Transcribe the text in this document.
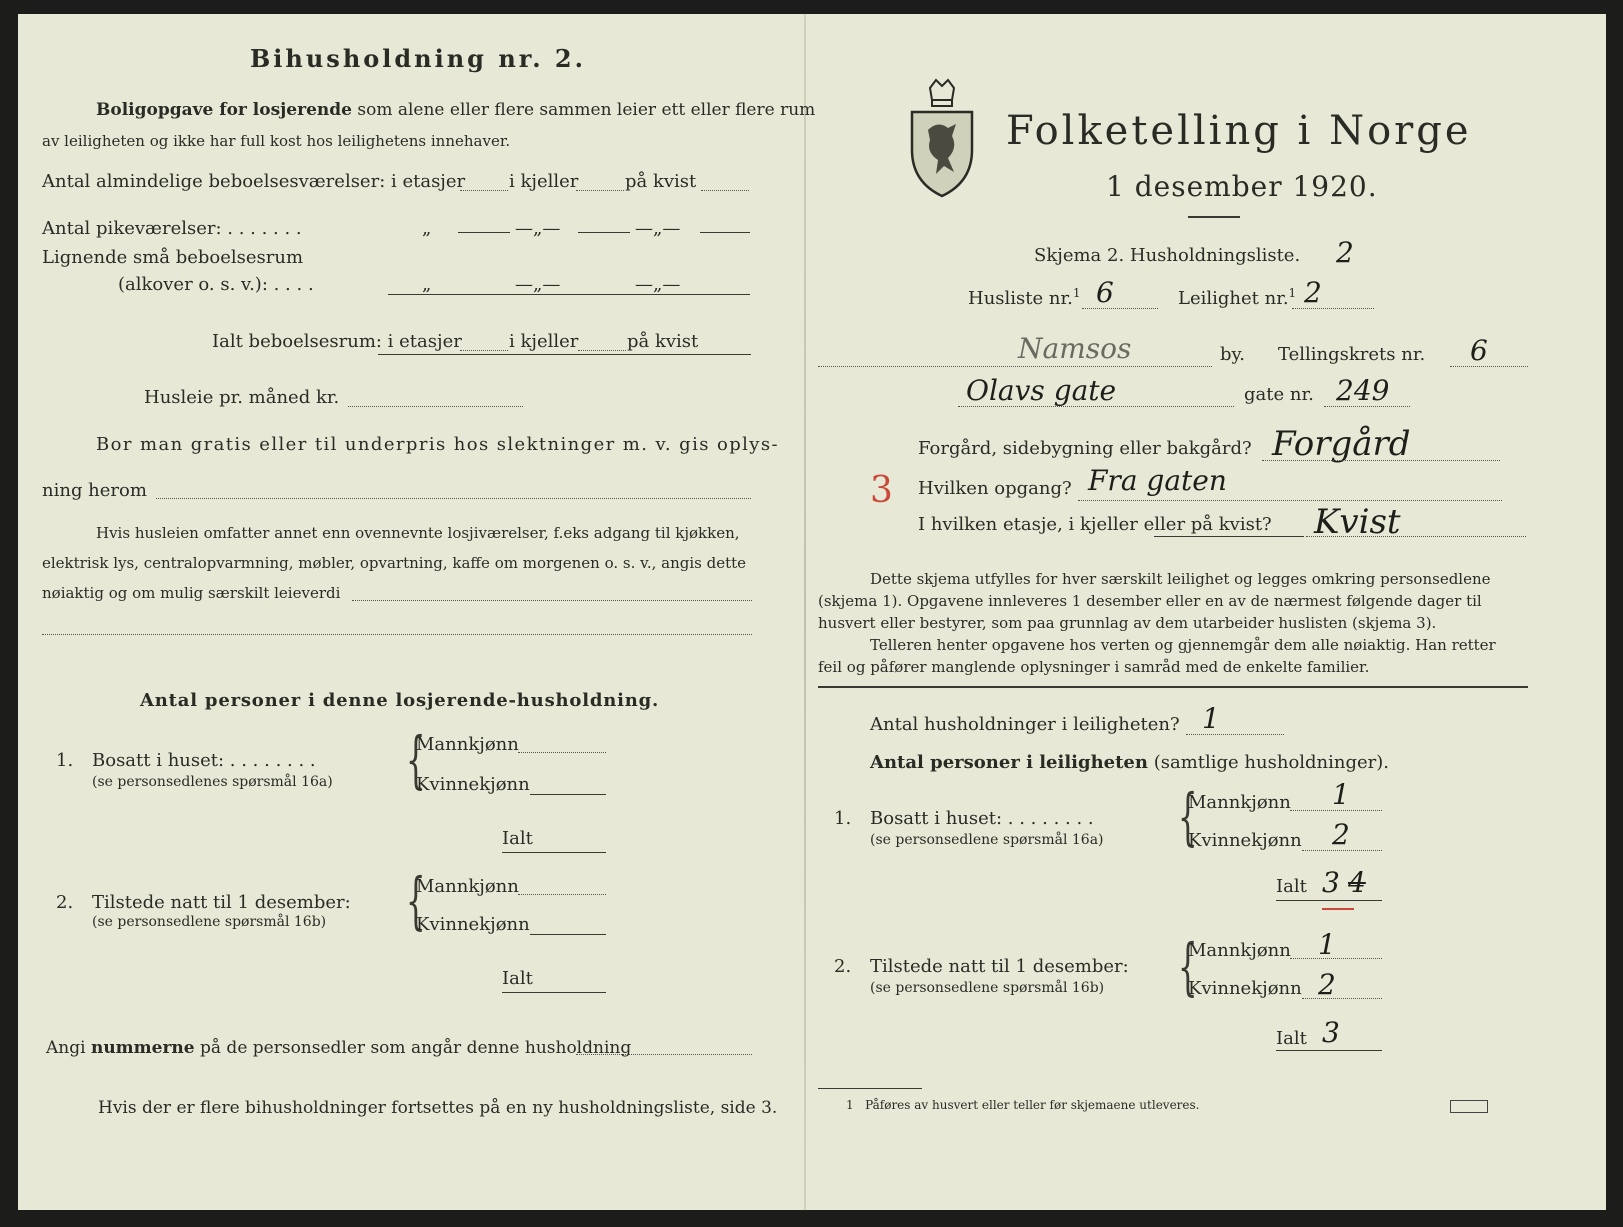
Bihusholdning nr. 2.
Boligopgave for losjerende som alene eller flere sammen leier ett eller flere rum
av leiligheten og ikke har full kost hos leilighetens innehaver.
Antal almindelige beboelsesværelser: i etasjer i kjeller	på kvist
Antal pikeværelser: . . . . . . .	„	—„—	—„—
Lignende små beboelsesrum
(alkover o. s. v.): . . . .	„	—„—	—„—
Ialt beboelsesrum: i etasjer	i kjeller	på kvist
Husleie pr. måned kr.
Bor man gratis eller til underpris hos slektninger m. v. gis oplys-
ning herom
Hvis husleien omfatter annet enn ovennevnte losjiværelser, f.eks adgang til kjøkken,
elektrisk lys, centralopvarmning, møbler, opvartning, kaffe om morgenen o. s. v., angis dette
nøiaktig og om mulig særskilt leieverdi
Antal personer i denne losjerende-husholdning.
1. Bosatt i huset: . . . . . . . .
(se personsedlenes spørsmål 16a) {
Mannkjønn
Kvinnekjønn
Ialt
2. Tilstede natt til 1 desember:
(se personsedlene spørsmål 16b) {
Mannkjønn
Kvinnekjønn
Ialt
Angi nummerne på de personsedler som angår denne husholdning
Hvis der er flere bihusholdninger fortsettes på en ny husholdningsliste, side 3.
Folketelling i Norge
1 desember 1920.
Skjema 2. Husholdningsliste. 2
Husliste nr.$^1$ 6	Leilighet nr.$^1$ 2
Namsos	by. Tellingskrets nr. 6
Olavs gate	gate nr. 249
Forgård, sidebygning eller bakgård? Forgård
3 Hvilken opgang? Fra gaten
I hvilken etasje, i kjeller eller på kvist? Kvist
Dette skjema utfylles for hver særskilt leilighet og legges omkring personsedlene
(skjema 1). Opgavene innleveres 1 desember eller en av de nærmest følgende dager til
husvert eller bestyrer, som paa grunnlag av dem utarbeider huslisten (skjema 3).
Telleren henter opgavene hos verten og gjennemgår dem alle nøiaktig. Han retter
feil og påfører manglende oplysninger i samråd med de enkelte familier.
Antal husholdninger i leiligheten? 1
Antal personer i leiligheten (samtlige husholdninger).
1. Bosatt i huset: . . . . . . . .
(se personsedlene spørsmål 16a) {
Mannkjønn 1
Kvinnekjønn 2
Ialt 3 4
2. Tilstede natt til 1 desember:
(se personsedlene spørsmål 16b) {
Mannkjønn 1
Kvinnekjønn 2
Ialt 3
1 Påføres av husvert eller teller før skjemaene utleveres.
